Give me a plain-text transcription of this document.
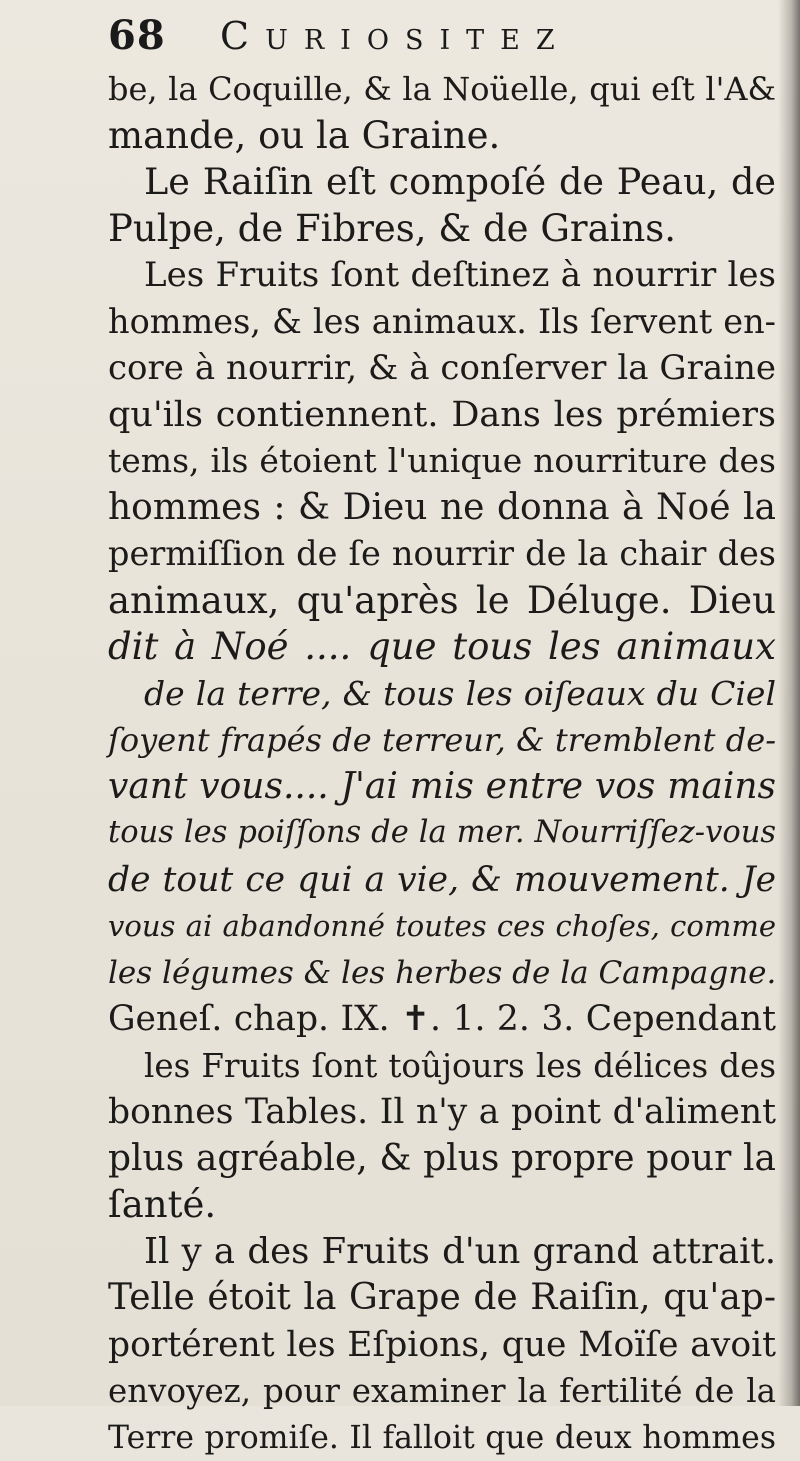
68 Curiositez
be, la Coquille, & la Noüelle, qui eſt l'A&
mande, ou la Graine.
Le Raiſin eſt compoſé de Peau, de
Pulpe, de Fibres, & de Grains.
Les Fruits ſont deſtinez à nourrir les
hommes, & les animaux. Ils ſervent en-
core à nourrir, & à conſerver la Graine
qu'ils contiennent. Dans les prémiers
tems, ils étoient l'unique nourriture des
hommes : & Dieu ne donna à Noé la
permiſſion de ſe nourrir de la chair des
animaux, qu'après le Déluge. Dieu
dit à Noé .... que tous les animaux
de la terre, & tous les oiſeaux du Ciel
ſoyent frapés de terreur, & tremblent de-
vant vous.... J'ai mis entre vos mains
tous les poiſſons de la mer. Nourriſſez-vous
de tout ce qui a vie, & mouvement. Je
vous ai abandonné toutes ces choſes, comme
les légumes & les herbes de la Campagne.
Geneſ. chap. IX. ✝. 1. 2. 3. Cependant
les Fruits ſont toûjours les délices des
bonnes Tables. Il n'y a point d'aliment
plus agréable, & plus propre pour la
ſanté.
Il y a des Fruits d'un grand attrait.
Telle étoit la Grape de Raiſin, qu'ap-
portérent les Eſpions, que Moïſe avoit
envoyez, pour examiner la fertilité de la
Terre promiſe. Il falloit que deux hommes
